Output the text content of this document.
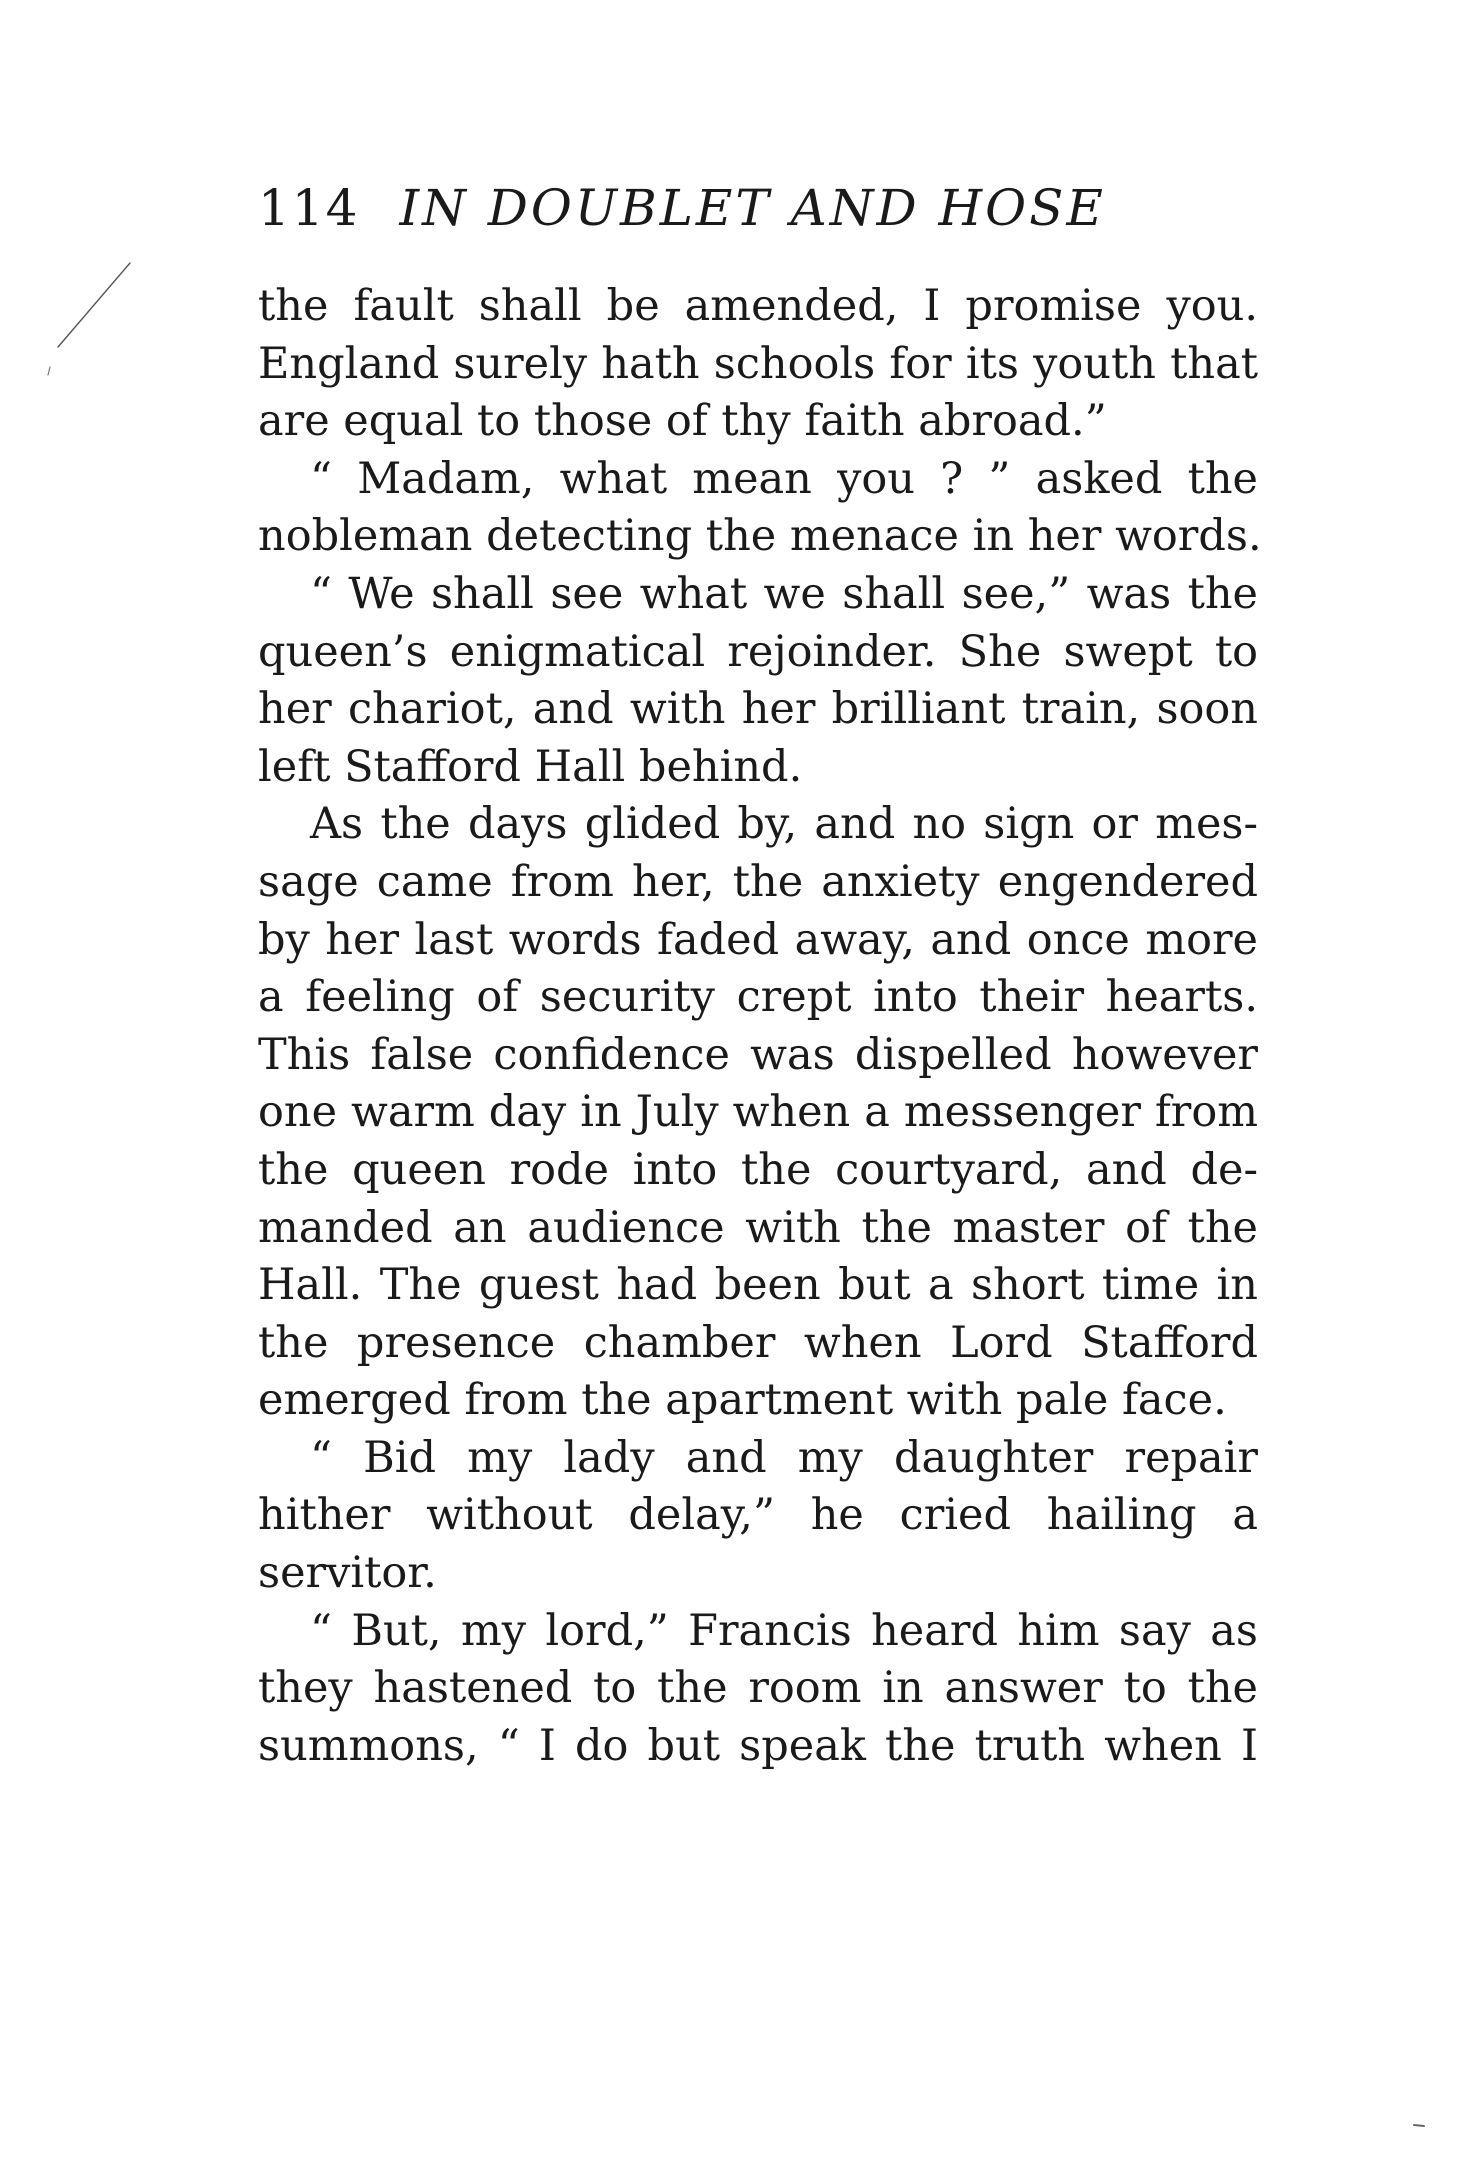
114 IN DOUBLET AND HOSE
the fault shall be amended, I promise you.
England surely hath schools for its youth that
are equal to those of thy faith abroad.”
“ Madam, what mean you ? ” asked the
nobleman detecting the menace in her words.
“ We shall see what we shall see,” was the
queen’s enigmatical rejoinder. She swept to
her chariot, and with her brilliant train, soon
left Stafford Hall behind.
As the days glided by, and no sign or mes-
sage came from her, the anxiety engendered
by her last words faded away, and once more
a feeling of security crept into their hearts.
This false confidence was dispelled however
one warm day in July when a messenger from
the queen rode into the courtyard, and de-
manded an audience with the master of the
Hall. The guest had been but a short time in
the presence chamber when Lord Stafford
emerged from the apartment with pale face.
“ Bid my lady and my daughter repair
hither without delay,” he cried hailing a
servitor.
“ But, my lord,” Francis heard him say as
they hastened to the room in answer to the
summons, “ I do but speak the truth when I
